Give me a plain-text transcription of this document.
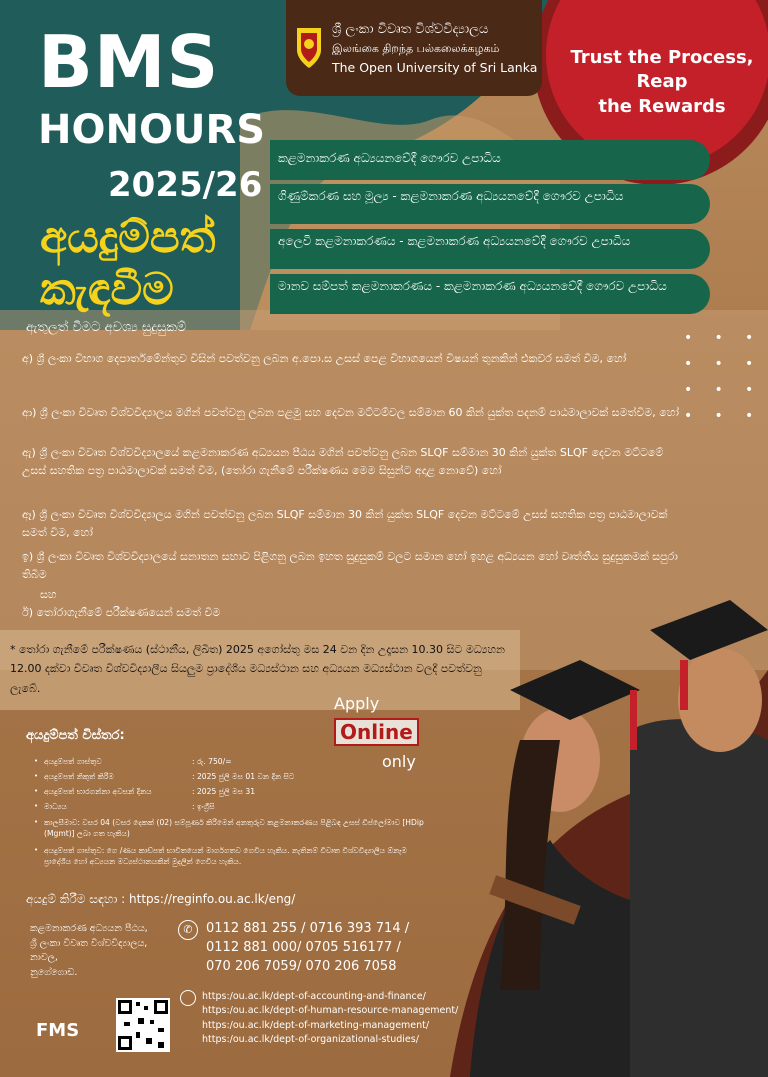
BMS
HONOURS
2025/26
අයදුම්පත්
කැඳවීම
ශ්‍රී ලංකා විවෘත විශ්වවිද්‍යාලය
இலங்கை திறந்த பல்கலைக்கழகம்
The Open University of Sri Lanka	Trust the Process,
Reap
the Rewards
කළමනාකරණ අධ්‍යයනවේදී ගෞරව උපාධිය
ගිණුම්කරණ සහ මූල්‍ය - කළමනාකරණ අධ්‍යයනවේදී ගෞරව උපාධිය
අලෙවි කළමනාකරණය - කළමනාකරණ අධ්‍යයනවේදී ගෞරව උපාධිය
මානව සම්පත් කළමනාකරණය - කළමනාකරණ අධ්‍යයනවේදී ගෞරව උපාධිය
ඇතුලත් වීමට අවශ්‍ය සුදුසුකම්
අ) ශ්‍රී ලංකා විභාග දෙපාර්තමේන්තුව විසින් පවත්වනු ලබන අ.පො.ස උසස් පෙළ විභාගයෙන් විෂයන් තුනකින් එකවර සමත් වීම, හෝ
ආ) ශ්‍රී ලංකා විවෘත විශ්වවිද්‍යාලය මගින් පවත්වනු ලබන පළමු සහ දෙවන මට්ටම්වල සම්මාන 60 කින් යුක්ත පදනම් පාඨමාලාවක් සමත්වීම, හෝ
ඇ) ශ්‍රී ලංකා විවෘත විශ්වවිද්‍යාලයේ කළමනාකරණ අධ්‍යයන පීඨය මගින් පවත්වනු ලබන SLQF සම්මාන 30 කින් යුක්ත SLQF දෙවන මට්ටමේ උසස් සහතික පත්‍ර පාඨමාලාවක් සමත් වීම, (තෝරා ගැනීමේ පරීක්ෂණය මෙම සිසුන්ට අදාළ නොවේ) හෝ
ඈ) ශ්‍රී ලංකා විවෘත විශ්වවිද්‍යාලය මගින් පවත්වනු ලබන SLQF සම්මාන 30 කින් යුක්ත SLQF දෙවන මට්ටමේ උසස් සහතික පත්‍ර පාඨමාලාවක් සමත් වීම, හෝ
ඉ) ශ්‍රී ලංකා විවෘත විශ්වවිද්‍යාලයේ සනාතන සභාව පිළිගනු ලබන ඉහත සුදුසුකම් වලට සමාන හෝ ඉහළ අධ්‍යයන හෝ වෘත්තීය සුදුසුකමක් සපුරා තිබීම
සහ
ඊ) තෝරාගැනීමේ පරීක්ෂණයෙන් සමත් වීම
•     •     •
•     •     •
•     •     •
•     •     •
* තෝරා ගැනීමේ පරීක්ෂණය (ස්ථානීය, ලිඛිත) 2025 අගෝස්තු මස 24 වන දින උදෑසන 10.30 සිට මධ්‍යහන 12.00 දක්වා විවෘත විශ්වවිද්‍යාලීය සියලුම ප්‍රාදේශීය මධ්‍යස්ථාන සහ අධ්‍යයන මධ්‍යස්ථාන වලදී පවත්වනු ලැබේ.
අයදුම්පත් විස්තර:
අයදුම්පත් ගාස්තුව	: රු. 750/=
අයදුම්පත් නිකුත් කිරීම	: 2025 ජුලි මස 01 වන දින සිට
අයදුම්පත් භාරගන්නා අවසන් දිනය	: 2025 ජුලි මස 31
මාධ්‍යය	: ඉංග්‍රීසි
•
•
•
•
•
•
කාලසීමාව: වසර 04 (වසර දෙකක් (02) සම්පූර්ණ කිරීමෙන් අනතුරුව කළමනාකරණය පිළිබඳ උසස් ඩිප්ලෝමාව [HDip (Mgmt)] ලබා ගත හැකිය)
අයදුම්පත් ගාස්තුව: ගෙ /ණය කාඩ්පත් භාවිතයෙන් මාර්ගගතව ගෙවිය හැකිය. නැතිනම් විවෘත විශ්වවිද්‍යාලීය ඕනෑම ප්‍රාදේශීය හෝ අධ්‍යයන මධ්‍යස්ථානයකින් මුදලින් ගෙවිය හැකිය.
Apply
Online
only
අයදුම් කිරීම සඳහා : https://reginfo.ou.ac.lk/eng/
කළමනාකරණ අධ්‍යයන පීඨය,
ශ්‍රී ලංකා විවෘත විශ්වවිද්‍යාලය,
නාවල,
නුගේගොඩ.
✆	0112 881 255 / 0716 393 714 /
0112 881 000/ 0705 516177 /
070 206 7059/ 070 206 7058
https:/ou.ac.lk/dept-of-accounting-and-finance/
https:/ou.ac.lk/dept-of-human-resource-management/
https:/ou.ac.lk/dept-of-marketing-management/
https:/ou.ac.lk/dept-of-organizational-studies/
FMS
